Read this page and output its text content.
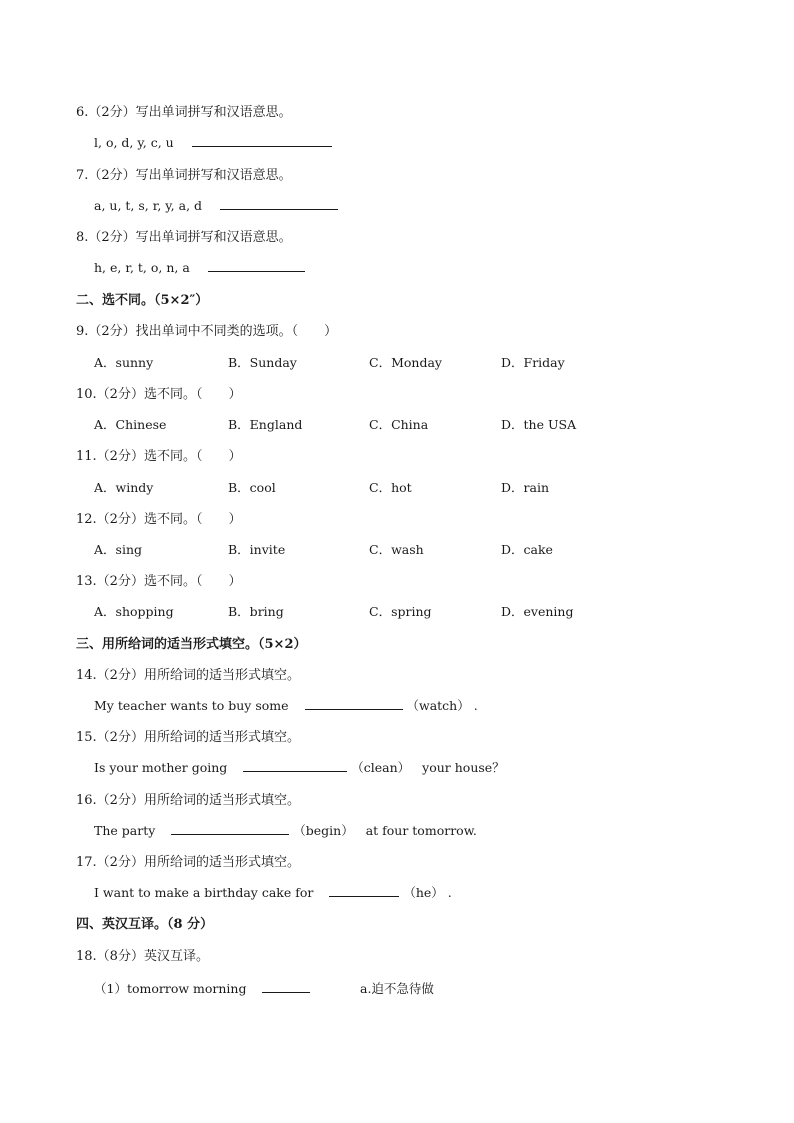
6.（2分）写出单词拼写和汉语意思。
l, o, d, y, c, u
7.（2分）写出单词拼写和汉语意思。
a, u, t, s, r, y, a, d
8.（2分）写出单词拼写和汉语意思。
h, e, r, t, o, n, a
二、选不同。（5×2″）
9.（2分）找出单词中不同类的选项。（　　）
A．sunny	B．Sunday	C．Monday	D．Friday
10.（2分）选不同。（　　）
A．Chinese	B．England	C．China	D．the USA
11.（2分）选不同。（　　）
A．windy	B．cool	C．hot	D．rain
12.（2分）选不同。（　　）
A．sing	B．invite	C．wash	D．cake
13.（2分）选不同。（　　）
A．shopping	B．bring	C．spring	D．evening
三、用所给词的适当形式填空。（5×2）
14.（2分）用所给词的适当形式填空。
My teacher wants to buy some	（watch） .
15.（2分）用所给词的适当形式填空。
Is your mother going	（clean） your house？
16.（2分）用所给词的适当形式填空。
The party	（begin） at four tomorrow.
17.（2分）用所给词的适当形式填空。
I want to make a birthday cake for	（he） .
四、英汉互译。（8 分）
18.（8分）英汉互译。
（1）tomorrow morning	a.迫不急待做
